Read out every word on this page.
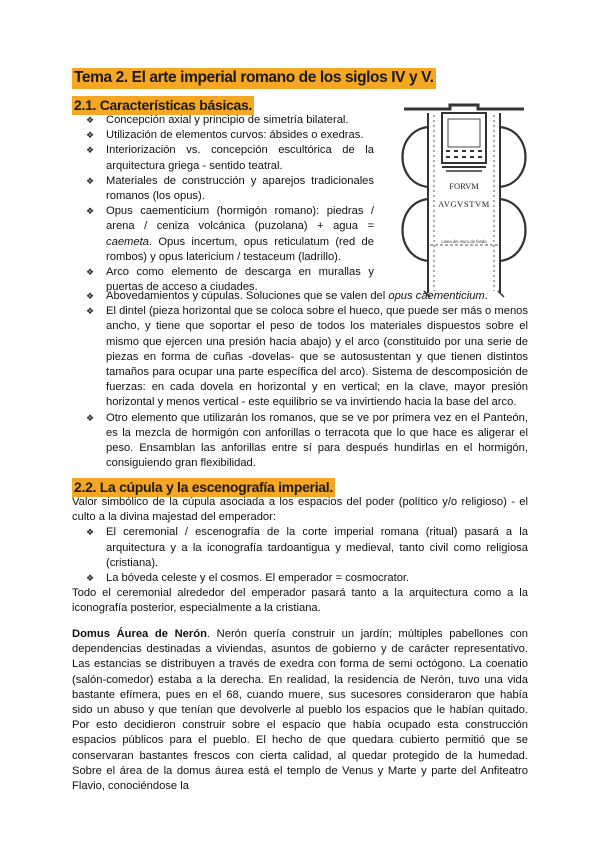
Tema 2. El arte imperial romano de los siglos IV y V.
2.1. Características básicas.
❖ Concepción axial y principio de simetría bilateral.
❖ Utilización de elementos curvos: ábsides o exedras.
❖ Interiorización vs. concepción escultórica de la arquitectura griega - sentido teatral.
❖ Materiales de construcción y aparejos tradicionales romanos (los opus).
❖ Opus caementicium (hormigón romano): piedras / arena / ceniza volcánica (puzolana) + agua = caemeta. Opus incertum, opus reticulatum (red de rombos) y opus latericium / testaceum (ladrillo).
❖ Arco como elemento de descarga en murallas y puertas de acceso a ciudades.
FORVM
AVGVSTVM
Linea del muro de fondo
❖ Abovedamientos y cúpulas. Soluciones que se valen del opus caementicium.
❖ El dintel (pieza horizontal que se coloca sobre el hueco, que puede ser más o menos ancho, y tiene que soportar el peso de todos los materiales dispuestos sobre el mismo que ejercen una presión hacia abajo) y el arco (constituido por una serie de piezas en forma de cuñas -dovelas- que se autosustentan y que tienen distintos tamaños para ocupar una parte específica del arco). Sistema de descomposición de fuerzas: en cada dovela en horizontal y en vertical; en la clave, mayor presión horizontal y menos vertical - este equilibrio se va invirtiendo hacia la base del arco.
❖ Otro elemento que utilizarán los romanos, que se ve por primera vez en el Panteón, es la mezcla de hormigón con anforillas o terracota que lo que hace es aligerar el peso. Ensamblan las anforillas entre sí para después hundirlas en el hormigón, consiguiendo gran flexibilidad.
2.2. La cúpula y la escenografía imperial.

Valor simbólico de la cúpula asociada a los espacios del poder (político y/o religioso) - el culto a la divina majestad del emperador:

❖ El ceremonial / escenografía de la corte imperial romana (ritual) pasará a la arquitectura y a la iconografía tardoantigua y medieval, tanto civil como religiosa (cristiana).
❖ La bóveda celeste y el cosmos. El emperador = cosmocrator.

Todo el ceremonial alrededor del emperador pasará tanto a la arquitectura como a la iconografía posterior, especialmente a la cristiana.

Domus Áurea de Nerón. Nerón quería construir un jardín; múltiples pabellones con dependencias destinadas a viviendas, asuntos de gobierno y de carácter representativo. Las estancias se distribuyen a través de exedra con forma de semi octógono. La coenatio (salón-comedor) estaba a la derecha. En realidad, la residencia de Nerón, tuvo una vida bastante efímera, pues en el 68, cuando muere, sus sucesores consideraron que había sido un abuso y que tenían que devolverle al pueblo los espacios que le habían quitado. Por esto decidieron construir sobre el espacio que había ocupado esta construcción espacios públicos para el pueblo. El hecho de que quedara cubierto permitió que se conservaran bastantes frescos con cierta calidad, al quedar protegido de la humedad. Sobre el área de la domus áurea está el templo de Venus y Marte y parte del Anfiteatro Flavio, conociéndose la
